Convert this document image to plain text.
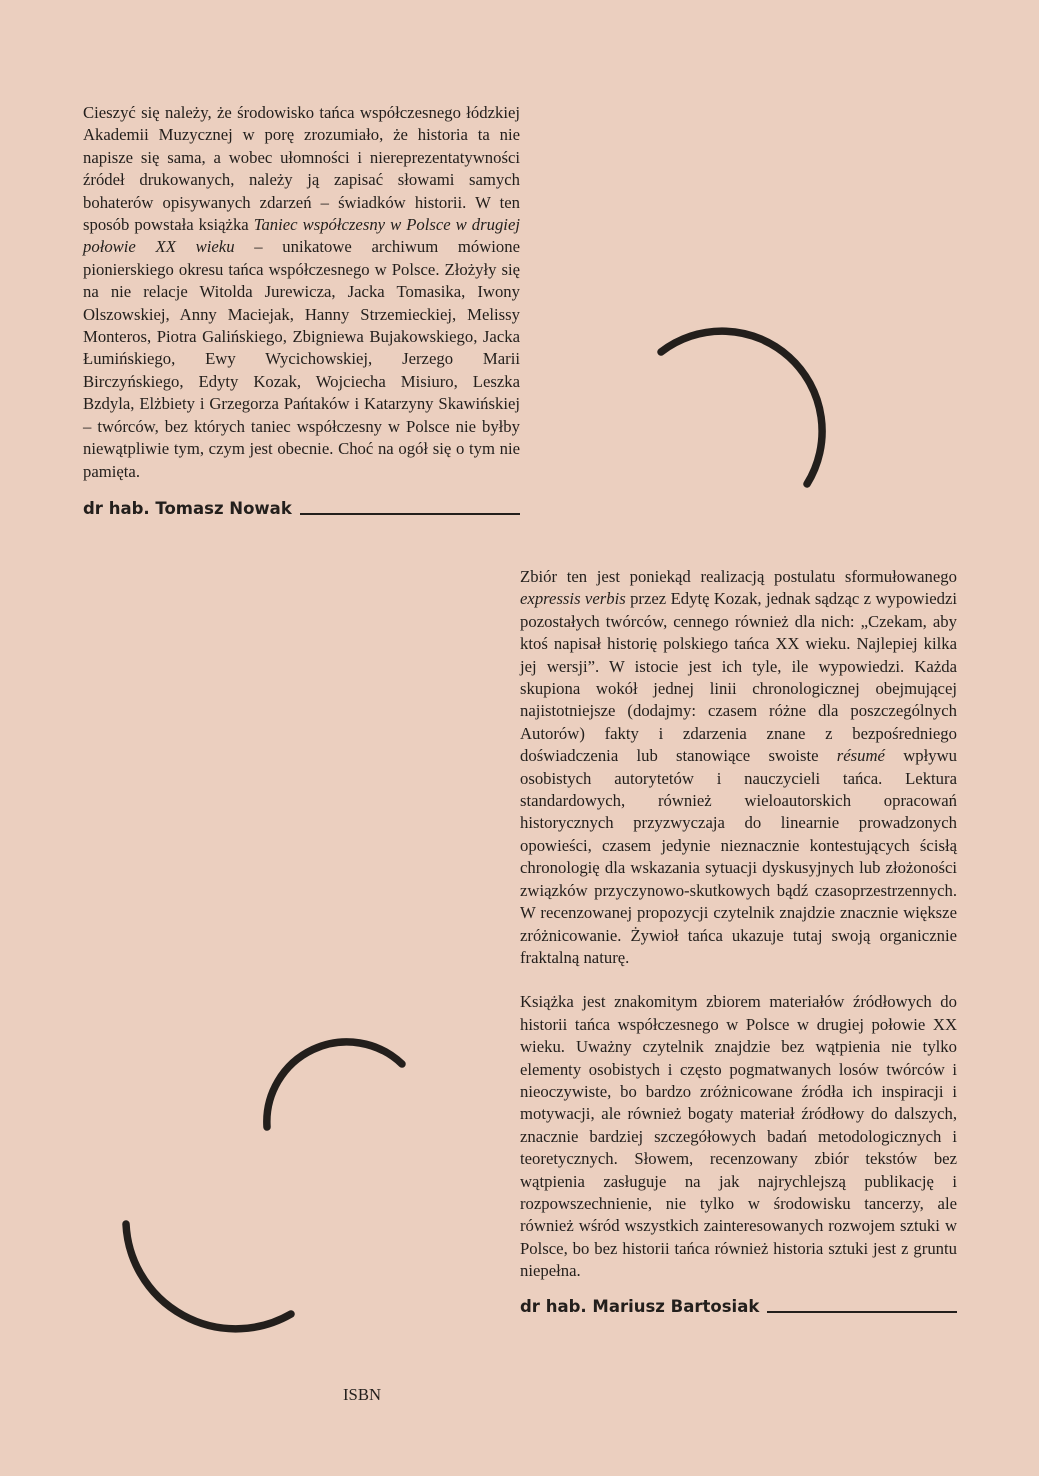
Cieszyć się należy, że środowisko tańca współczesnego łódzkiej Akademii Muzycznej w porę zrozumiało, że historia ta nie napisze się sama, a wobec ułomności i niereprezentatywności źródeł drukowanych, należy ją zapisać słowami samych bohaterów opisywanych zdarzeń – świadków historii. W ten sposób powstała książka Taniec współczesny w Polsce w drugiej połowie XX wieku – unikatowe archiwum mówione pionierskiego okresu tańca współczesnego w Polsce. Złożyły się na nie relacje Witolda Jurewicza, Jacka Tomasika, Iwony Olszowskiej, Anny Maciejak, Hanny Strzemieckiej, Melissy Monteros, Piotra Galińskiego, Zbigniewa Bujakowskiego, Jacka Łumińskiego, Ewy Wycichowskiej, Jerzego Marii Birczyńskiego, Edyty Kozak, Wojciecha Misiuro, Leszka Bzdyla, Elżbiety i Grzegorza Pańtaków i Katarzyny Skawińskiej – twórców, bez których taniec współczesny w Polsce nie byłby niewątpliwie tym, czym jest obecnie. Choć na ogół się o tym nie pamięta.

dr hab. Tomasz Nowak

Zbiór ten jest poniekąd realizacją postulatu sformułowanego expressis verbis przez Edytę Kozak, jednak sądząc z wypowiedzi pozostałych twórców, cennego również dla nich: „Czekam, aby ktoś napisał historię polskiego tańca XX wieku. Najlepiej kilka jej wersji”. W istocie jest ich tyle, ile wypowiedzi. Każda skupiona wokół jednej linii chronologicznej obejmującej najistotniejsze (dodajmy: czasem różne dla poszczególnych Autorów) fakty i zdarzenia znane z bezpośredniego doświadczenia lub stanowiące swoiste résumé wpływu osobistych autorytetów i nauczycieli tańca. Lektura standardowych, również wieloautorskich opracowań historycznych przyzwyczaja do linearnie prowadzonych opowieści, czasem jedynie nieznacznie kontestujących ścisłą chronologię dla wskazania sytuacji dyskusyjnych lub złożoności związków przyczynowo-skutkowych bądź czasoprzestrzennych. W recenzowanej propozycji czytelnik znajdzie znacznie większe zróżnicowanie. Żywioł tańca ukazuje tutaj swoją organicznie fraktalną naturę.

Książka jest znakomitym zbiorem materiałów źródłowych do historii tańca współczesnego w Polsce w drugiej połowie XX wieku. Uważny czytelnik znajdzie bez wątpienia nie tylko elementy osobistych i często pogmatwanych losów twórców i nieoczywiste, bo bardzo zróżnicowane źródła ich inspiracji i motywacji, ale również bogaty materiał źródłowy do dalszych, znacznie bardziej szczegółowych badań metodologicznych i teoretycznych. Słowem, recenzowany zbiór tekstów bez wątpienia zasługuje na jak najrychlejszą publikację i rozpowszechnienie, nie tylko w środowisku tancerzy, ale również wśród wszystkich zainteresowanych rozwojem sztuki w Polsce, bo bez historii tańca również historia sztuki jest z gruntu niepełna.

dr hab. Mariusz Bartosiak
ISBN
